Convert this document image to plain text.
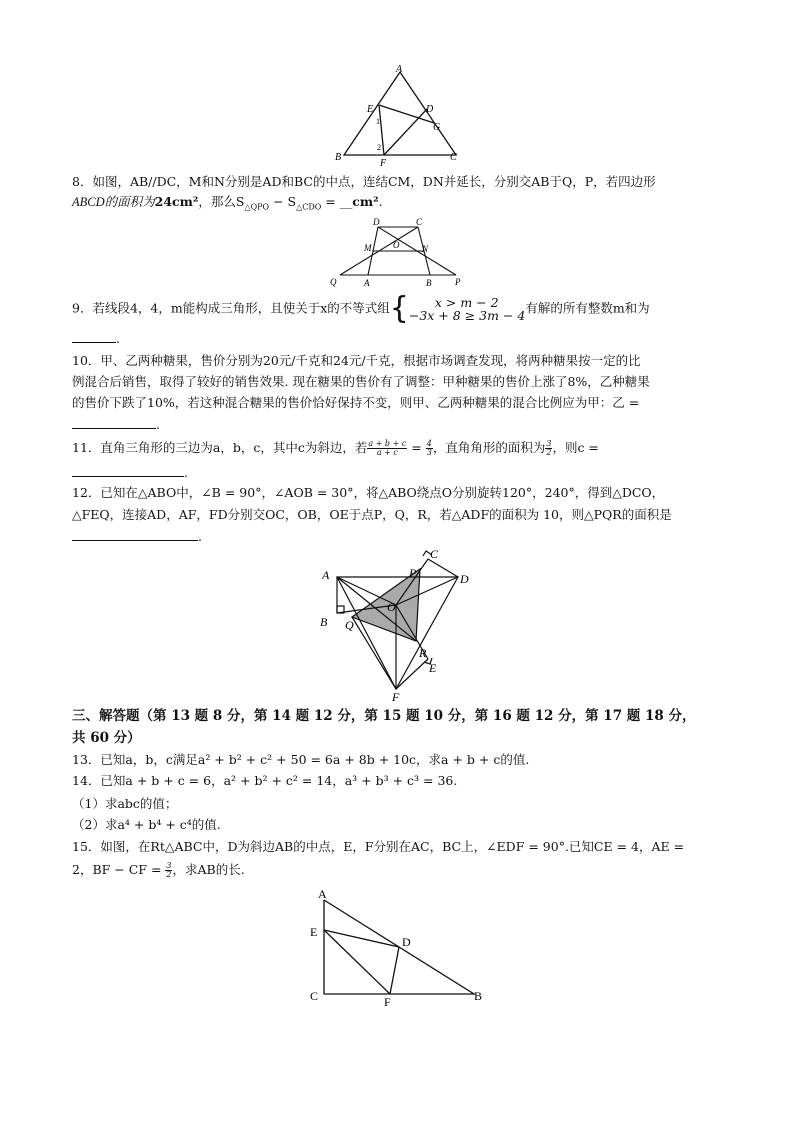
A
E	D
G
1
2
B
F
C
8．如图，AB//DC，M和N分别是AD和BC的中点，连结CM，DN并延长，分别交AB于Q，P，若四边形
ABCD的面积为24cm²，那么$S_{\triangle QPO} - S_{\triangle CDO}$ = __cm².
D	C
M O	N
Q	A	B	P
9．若线段4，4，m能构成三角形，且使关于x的不等式组{	x > m − 2
−3x + 8 ≥ 3m − 4 有解的所有整数m和为
.
10．甲、乙两种糖果，售价分别为20元/千克和24元/千克，根据市场调查发现，将两种糖果按一定的比
例混合后销售，取得了较好的销售效果. 现在糖果的售价有了调整：甲种糖果的售价上涨了8%，乙种糖果
的售价下跌了10%，若这种混合糖果的售价恰好保持不变，则甲、乙两种糖果的混合比例应为甲：乙 =
.
11．直角三角形的三边为a，b，c，其中c为斜边，若 $\frac{a + b + c}{a + c} = \frac{4}{3}$ ，直角角形的面积为 $\frac{3}{2}$ ，则c =
.
12．已知在△ABO中，∠B = 90°，∠AOB = 30°，将△ABO绕点O分别旋转120°，240°，得到△DCO，
△FEQ，连接AD，AF，FD分别交OC，OB，OE于点P，Q，R，若△ADF的面积为 10，则△PQR的面积是
.
C
A	D
P
O
B Q
R
E
F
三、解答题（第 13 题 8 分，第 14 题 12 分，第 15 题 10 分，第 16 题 12 分，第 17 题 18 分，
共 60 分）
13．已知a，b，c满足a² + b² + c² + 50 = 6a + 8b + 10c，求a + b + c的值.
14．已知a + b + c = 6，a² + b² + c² = 14，a³ + b³ + c³ = 36.
（1）求abc的值；
（2）求a⁴ + b⁴ + c⁴的值.
15．如图，在Rt△ABC中，D为斜边AB的中点，E，F分别在AC，BC上，∠EDF = 90°.已知CE = 4，AE =
2，BF − CF = $\frac{3}{2}$ ，求AB的长.
A
E
D
C	F	B
